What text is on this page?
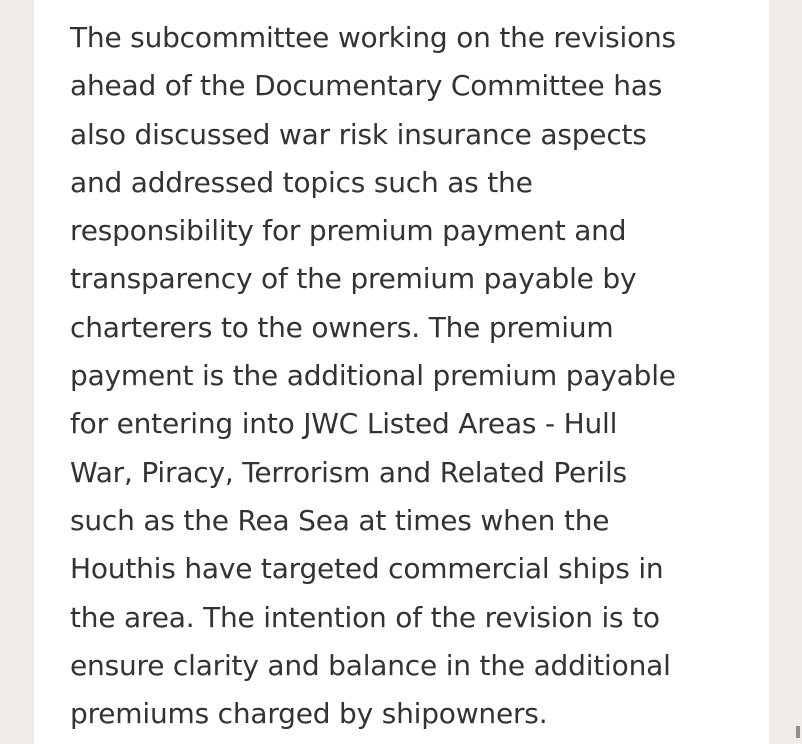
The subcommittee working on the revisions
ahead of the Documentary Committee has
also discussed war risk insurance aspects
and addressed topics such as the
responsibility for premium payment and
transparency of the premium payable by
charterers to the owners. The premium
payment is the additional premium payable
for entering into JWC Listed Areas - Hull
War, Piracy, Terrorism and Related Perils
such as the Rea Sea at times when the
Houthis have targeted commercial ships in
the area. The intention of the revision is to
ensure clarity and balance in the additional
premiums charged by shipowners.
